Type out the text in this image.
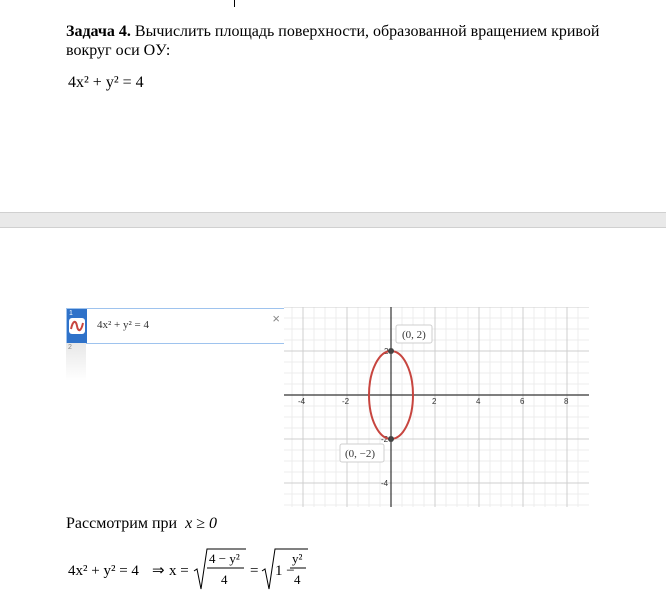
Задача 4. Вычислить площадь поверхности, образованной вращением кривой вокруг оси OУ:
4x² + y² = 4
1
4x² + y² = 4	×
2
-4	-2	2	4	6	8
2
-2
-4
(0, 2)
(0, −2)
Рассмотрим при x ≥ 0
4x² + y² = 4 ⇒ x =
4 − y²
4
= 1 −
y²
4
